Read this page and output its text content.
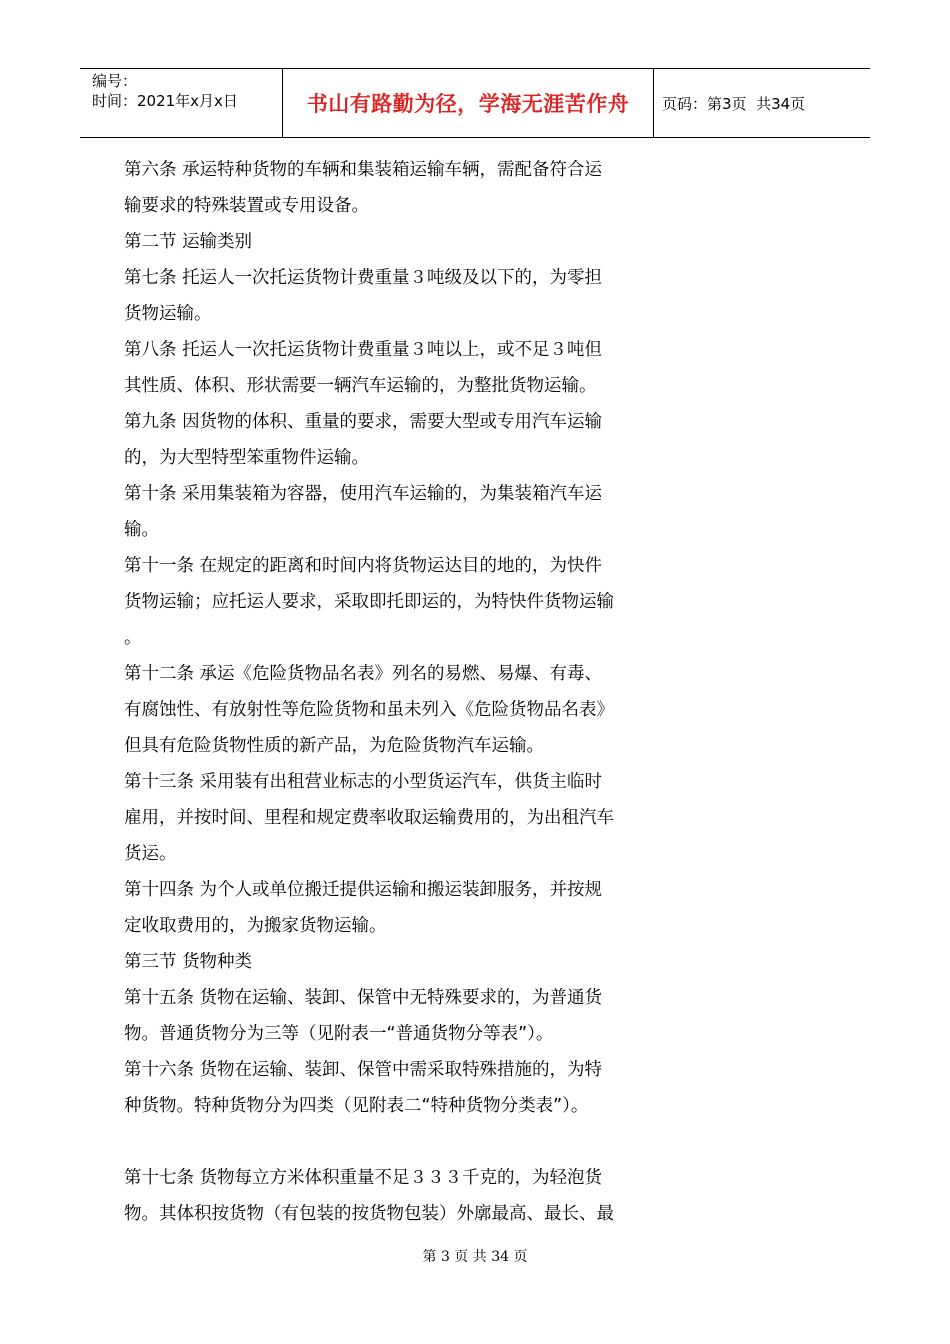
编号：
时间：2021年x月x日	书山有路勤为径，学海无涯苦作舟	页码：第3页  共34页
第六条 承运特种货物的车辆和集装箱运输车辆，需配备符合运
输要求的特殊装置或专用设备。
第二节 运输类别
第七条 托运人一次托运货物计费重量３吨级及以下的，为零担
货物运输。
第八条 托运人一次托运货物计费重量３吨以上，或不足３吨但
其性质、体积、形状需要一辆汽车运输的，为整批货物运输。
第九条 因货物的体积、重量的要求，需要大型或专用汽车运输
的，为大型特型笨重物件运输。
第十条 采用集装箱为容器，使用汽车运输的，为集装箱汽车运
输。
第十一条 在规定的距离和时间内将货物运达目的地的，为快件
货物运输；应托运人要求，采取即托即运的，为特快件货物运输
。
第十二条 承运《危险货物品名表》列名的易燃、易爆、有毒、
有腐蚀性、有放射性等危险货物和虽未列入《危险货物品名表》
但具有危险货物性质的新产品，为危险货物汽车运输。
第十三条 采用装有出租营业标志的小型货运汽车，供货主临时
雇用，并按时间、里程和规定费率收取运输费用的，为出租汽车
货运。
第十四条 为个人或单位搬迁提供运输和搬运装卸服务，并按规
定收取费用的，为搬家货物运输。
第三节 货物种类
第十五条 货物在运输、装卸、保管中无特殊要求的，为普通货
物。普通货物分为三等（见附表一“普通货物分等表”）。
第十六条 货物在运输、装卸、保管中需采取特殊措施的，为特
种货物。特种货物分为四类（见附表二“特种货物分类表”）。
第十七条 货物每立方米体积重量不足３３３千克的，为轻泡货
物。其体积按货物（有包装的按货物包装）外廓最高、最长、最
第 3 页 共 34 页
